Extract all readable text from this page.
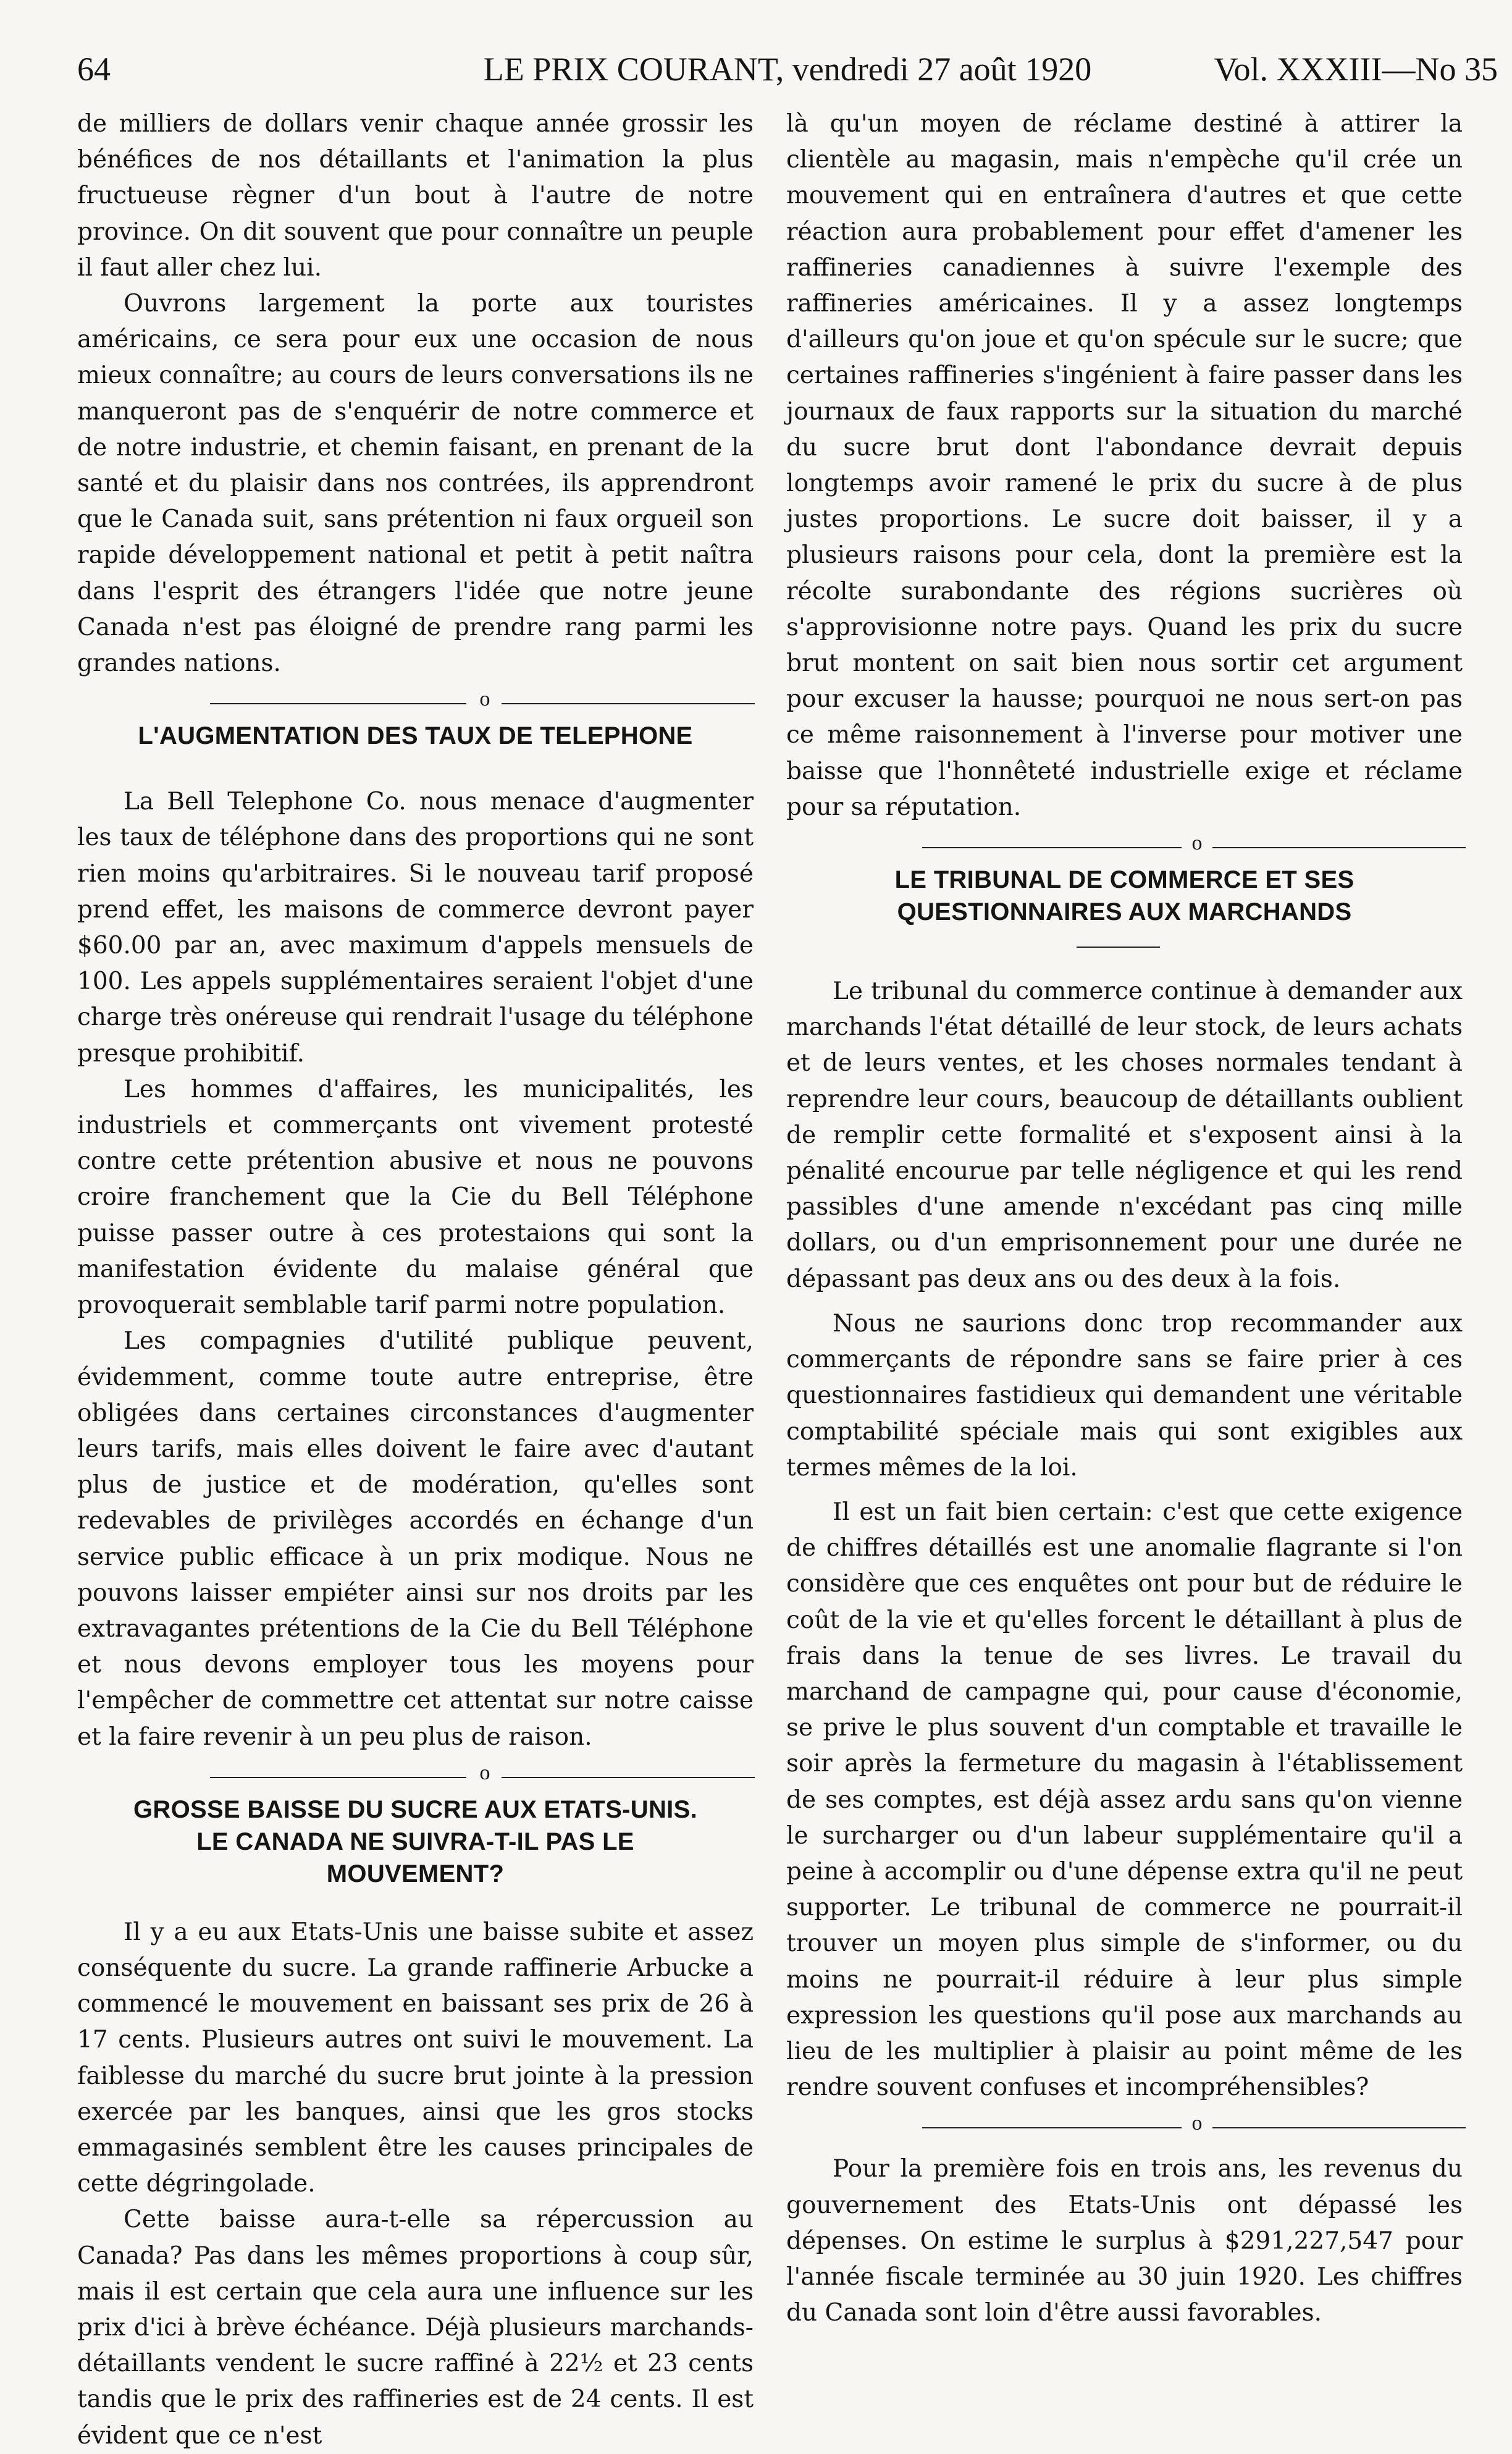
64	LE PRIX COURANT, vendredi 27 août 1920	Vol. XXXIII—No 35

de milliers de dollars venir chaque année grossir les bénéfices de nos détaillants et l'animation la plus fructueuse règner d'un bout à l'autre de notre province. On dit souvent que pour connaître un peuple il faut aller chez lui.

Ouvrons largement la porte aux touristes américains, ce sera pour eux une occasion de nous mieux connaître; au cours de leurs conversations ils ne manqueront pas de s'enquérir de notre commerce et de notre industrie, et chemin faisant, en prenant de la santé et du plaisir dans nos contrées, ils apprendront que le Canada suit, sans prétention ni faux orgueil son rapide développement national et petit à petit naîtra dans l'esprit des étrangers l'idée que notre jeune Canada n'est pas éloigné de prendre rang parmi les grandes nations.

o
L'AUGMENTATION DES TAUX DE TELEPHONE

La Bell Telephone Co. nous menace d'augmenter les taux de téléphone dans des proportions qui ne sont rien moins qu'arbitraires. Si le nouveau tarif proposé prend effet, les maisons de commerce devront payer $60.00 par an, avec maximum d'appels mensuels de 100. Les appels supplémentaires seraient l'objet d'une charge très onéreuse qui rendrait l'usage du téléphone presque prohibitif.

Les hommes d'affaires, les municipalités, les industriels et commerçants ont vivement protesté contre cette prétention abusive et nous ne pouvons croire franchement que la Cie du Bell Téléphone puisse passer outre à ces protestaions qui sont la manifestation évidente du malaise général que provoquerait semblable tarif parmi notre population.

Les compagnies d'utilité publique peuvent, évidemment, comme toute autre entreprise, être obligées dans certaines circonstances d'augmenter leurs tarifs, mais elles doivent le faire avec d'autant plus de justice et de modération, qu'elles sont redevables de privilèges accordés en échange d'un service public efficace à un prix modique. Nous ne pouvons laisser empiéter ainsi sur nos droits par les extravagantes prétentions de la Cie du Bell Téléphone et nous devons employer tous les moyens pour l'empêcher de commettre cet attentat sur notre caisse et la faire revenir à un peu plus de raison.

o
GROSSE BAISSE DU SUCRE AUX ETATS-UNIS.
LE CANADA NE SUIVRA-T-IL PAS LE
MOUVEMENT?

Il y a eu aux Etats-Unis une baisse subite et assez conséquente du sucre. La grande raffinerie Arbucke a commencé le mouvement en baissant ses prix de 26 à 17 cents. Plusieurs autres ont suivi le mouvement. La faiblesse du marché du sucre brut jointe à la pression exercée par les banques, ainsi que les gros stocks emmagasinés semblent être les causes principales de cette dégringolade.

Cette baisse aura-t-elle sa répercussion au Canada? Pas dans les mêmes proportions à coup sûr, mais il est certain que cela aura une influence sur les prix d'ici à brève échéance. Déjà plusieurs marchands-détaillants vendent le sucre raffiné à 22½ et 23 cents tandis que le prix des raffineries est de 24 cents. Il est évident que ce n'est

là qu'un moyen de réclame destiné à attirer la clientèle au magasin, mais n'empèche qu'il crée un mouvement qui en entraînera d'autres et que cette réaction aura probablement pour effet d'amener les raffineries canadiennes à suivre l'exemple des raffineries américaines. Il y a assez longtemps d'ailleurs qu'on joue et qu'on spécule sur le sucre; que certaines raffineries s'ingénient à faire passer dans les journaux de faux rapports sur la situation du marché du sucre brut dont l'abondance devrait depuis longtemps avoir ramené le prix du sucre à de plus justes proportions. Le sucre doit baisser, il y a plusieurs raisons pour cela, dont la première est la récolte surabondante des régions sucrières où s'approvisionne notre pays. Quand les prix du sucre brut montent on sait bien nous sortir cet argument pour excuser la hausse; pourquoi ne nous sert-on pas ce même raisonnement à l'inverse pour motiver une baisse que l'honnêteté industrielle exige et réclame pour sa réputation.

o
LE TRIBUNAL DE COMMERCE ET SES
QUESTIONNAIRES AUX MARCHANDS

Le tribunal du commerce continue à demander aux marchands l'état détaillé de leur stock, de leurs achats et de leurs ventes, et les choses normales tendant à reprendre leur cours, beaucoup de détaillants oublient de remplir cette formalité et s'exposent ainsi à la pénalité encourue par telle négligence et qui les rend passibles d'une amende n'excédant pas cinq mille dollars, ou d'un emprisonnement pour une durée ne dépassant pas deux ans ou des deux à la fois.

Nous ne saurions donc trop recommander aux commerçants de répondre sans se faire prier à ces questionnaires fastidieux qui demandent une véritable comptabilité spéciale mais qui sont exigibles aux termes mêmes de la loi.

Il est un fait bien certain: c'est que cette exigence de chiffres détaillés est une anomalie flagrante si l'on considère que ces enquêtes ont pour but de réduire le coût de la vie et qu'elles forcent le détaillant à plus de frais dans la tenue de ses livres. Le travail du marchand de campagne qui, pour cause d'économie, se prive le plus souvent d'un comptable et travaille le soir après la fermeture du magasin à l'établissement de ses comptes, est déjà assez ardu sans qu'on vienne le surcharger ou d'un labeur supplémentaire qu'il a peine à accomplir ou d'une dépense extra qu'il ne peut supporter. Le tribunal de commerce ne pourrait-il trouver un moyen plus simple de s'informer, ou du moins ne pourrait-il réduire à leur plus simple expression les questions qu'il pose aux marchands au lieu de les multiplier à plaisir au point même de les rendre souvent confuses et incompréhensibles?

o

Pour la première fois en trois ans, les revenus du gouvernement des Etats-Unis ont dépassé les dépenses. On estime le surplus à $291,227,547 pour l'année fiscale terminée au 30 juin 1920. Les chiffres du Canada sont loin d'être aussi favorables.
